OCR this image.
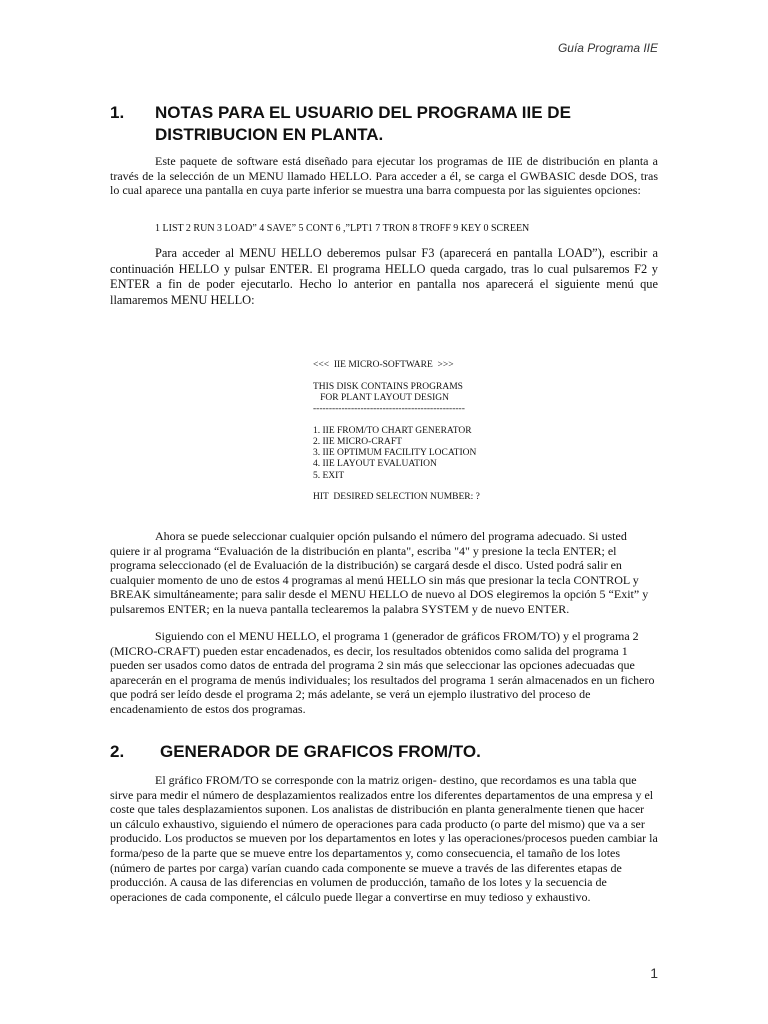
Guía Programa IIE
1. NOTAS PARA EL USUARIO DEL PROGRAMA IIE DE DISTRIBUCION EN PLANTA.

Este paquete de software está diseñado para ejecutar los programas de IIE de distribución en planta a través de la selección de un MENU llamado HELLO. Para acceder a él, se carga el GWBASIC desde DOS, tras lo cual aparece una pantalla en cuya parte inferior se muestra una barra compuesta por las siguientes opciones:

1 LIST 2 RUN 3 LOAD” 4 SAVE” 5 CONT 6 ,”LPT1 7 TRON 8 TROFF 9 KEY 0 SCREEN

Para acceder al MENU HELLO deberemos pulsar F3 (aparecerá en pantalla LOAD”), escribir a continuación HELLO y pulsar ENTER. El programa HELLO queda cargado, tras lo cual pulsaremos F2 y ENTER a fin de poder ejecutarlo. Hecho lo anterior en pantalla nos aparecerá el siguiente menú que llamaremos MENU HELLO:

<<<  IIE MICRO-SOFTWARE  >>>
THIS DISK CONTAINS PROGRAMS
FOR PLANT LAYOUT DESIGN
------------------------------------------------
1. IIE FROM/TO CHART GENERATOR
2. IIE MICRO-CRAFT
3. IIE OPTIMUM FACILITY LOCATION
4. IIE LAYOUT EVALUATION
5. EXIT
HIT  DESIRED SELECTION NUMBER: ?

Ahora se puede seleccionar cualquier opción pulsando el número del programa adecuado. Si usted quiere ir al programa “Evaluación de la distribución en planta", escriba "4" y presione la tecla ENTER; el programa seleccionado (el de Evaluación de la distribución) se cargará desde el disco. Usted podrá salir en cualquier momento de uno de estos 4 programas al menú HELLO sin más que presionar la tecla CONTROL y BREAK simultáneamente; para salir desde el MENU HELLO de nuevo al DOS elegiremos la opción 5 “Exit” y pulsaremos ENTER; en la nueva pantalla teclearemos la palabra SYSTEM y de nuevo ENTER.

Siguiendo con el MENU HELLO, el programa 1 (generador de gráficos FROM/TO) y el programa 2 (MICRO-CRAFT) pueden estar encadenados, es decir, los resultados obtenidos como salida del programa 1 pueden ser usados como datos de entrada del programa 2 sin más que seleccionar las opciones adecuadas que aparecerán en el programa de menús individuales; los resultados del programa 1 serán almacenados en un fichero que podrá ser leído desde el programa 2; más adelante, se verá un ejemplo ilustrativo del proceso de encadenamiento de estos dos programas.

2. GENERADOR DE GRAFICOS FROM/TO.

El gráfico FROM/TO se corresponde con la matriz origen- destino, que recordamos es una tabla que sirve para medir el número de desplazamientos realizados entre los diferentes departamentos de una empresa y el coste que tales desplazamientos suponen. Los analistas de distribución en planta generalmente tienen que hacer un cálculo exhaustivo, siguiendo el número de operaciones para cada producto (o parte del mismo) que va a ser producido. Los productos se mueven por los departamentos en lotes y las operaciones/procesos pueden cambiar la forma/peso de la parte que se mueve entre los departamentos y, como consecuencia, el tamaño de los lotes (número de partes por carga) varían cuando cada componente se mueve a través de las diferentes etapas de producción. A causa de las diferencias en volumen de producción, tamaño de los lotes y la secuencia de operaciones de cada componente, el cálculo puede llegar a convertirse en muy tedioso y exhaustivo.

1
